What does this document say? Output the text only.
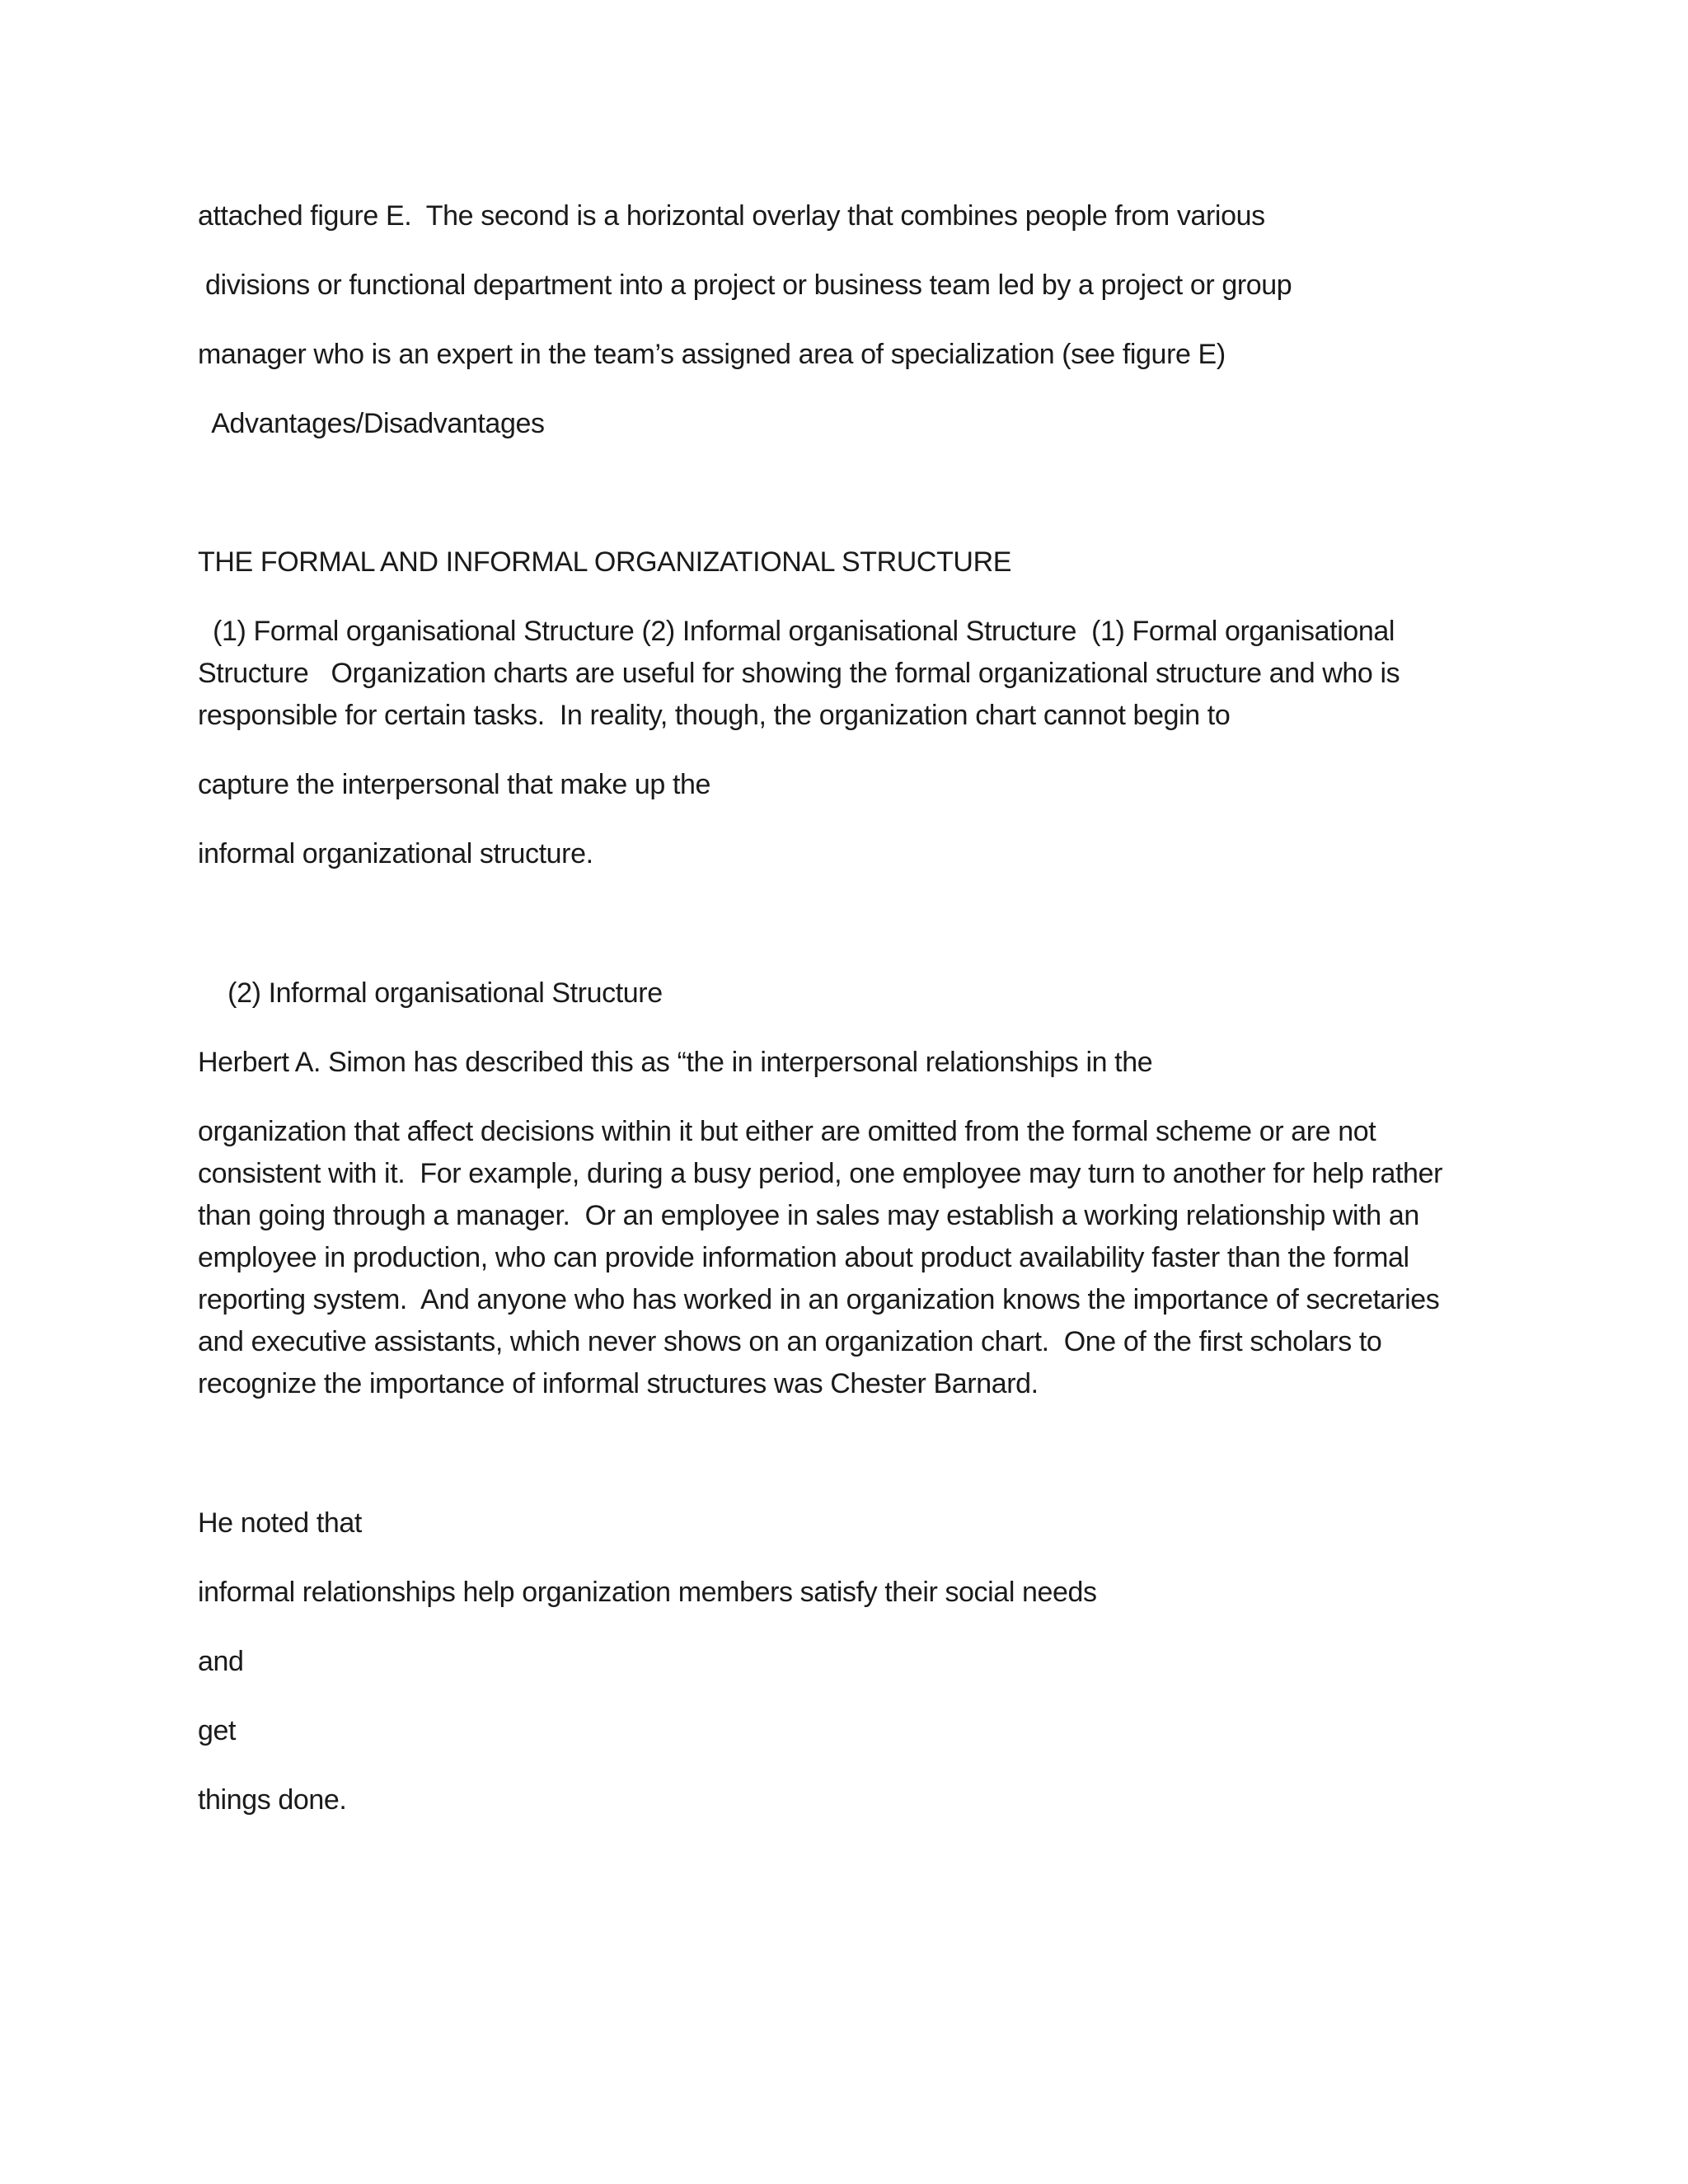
attached figure E.  The second is a horizontal overlay that combines people from various

divisions or functional department into a project or business team led by a project or group

manager who is an expert in the team’s assigned area of specialization (see figure E)

Advantages/Disadvantages

THE FORMAL AND INFORMAL ORGANIZATIONAL STRUCTURE

(1) Formal organisational Structure (2) Informal organisational Structure  (1) Formal organisational

Structure   Organization charts are useful for showing the formal organizational structure and who is

responsible for certain tasks.  In reality, though, the organization chart cannot begin to

capture the interpersonal that make up the

informal organizational structure.

(2) Informal organisational Structure

Herbert A. Simon has described this as “the in interpersonal relationships in the

organization that affect decisions within it but either are omitted from the formal scheme or are not

consistent with it.  For example, during a busy period, one employee may turn to another for help rather

than going through a manager.  Or an employee in sales may establish a working relationship with an

employee in production, who can provide information about product availability faster than the formal

reporting system.  And anyone who has worked in an organization knows the importance of secretaries

and executive assistants, which never shows on an organization chart.  One of the first scholars to

recognize the importance of informal structures was Chester Barnard.

He noted that

informal relationships help organization members satisfy their social needs

and

get

things done.
